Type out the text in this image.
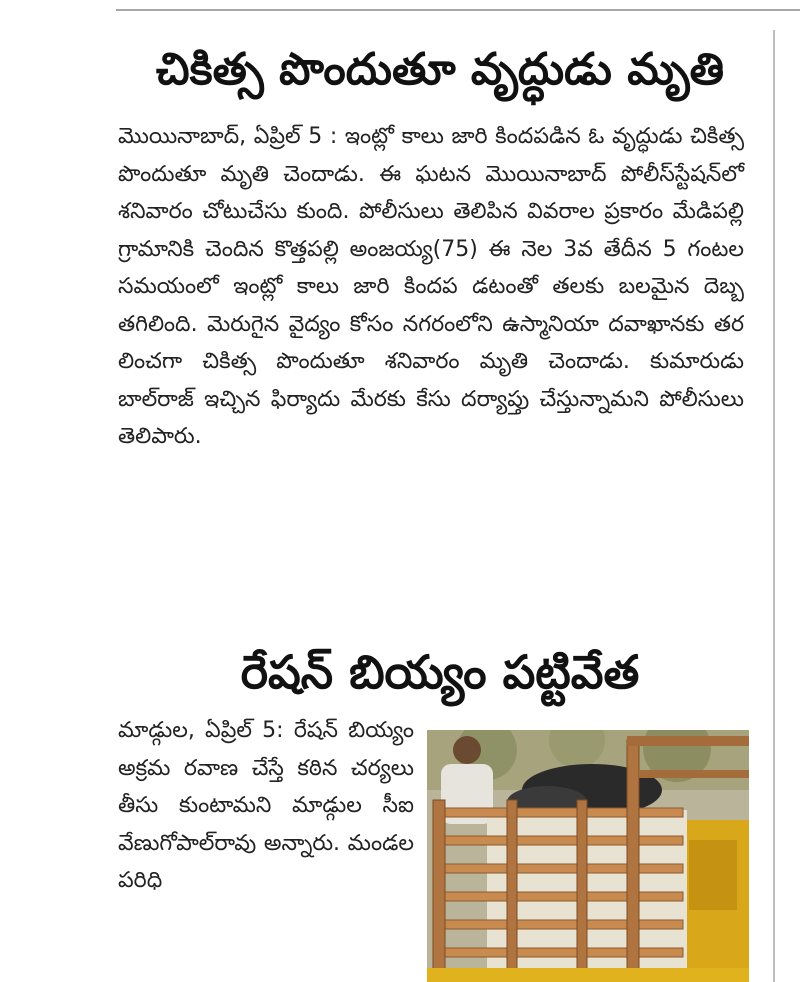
చికిత్స పొందుతూ వృద్ధుడు మృతి

మొయినాబాద్, ఏప్రిల్ 5 : ఇంట్లో కాలు జారి కిందపడిన ఓ వృద్ధుడు చికిత్స పొందుతూ మృతి చెందాడు. ఈ ఘటన మొయినాబాద్ పోలీస్‌స్టేషన్‌లో శనివారం చోటుచేసు కుంది. పోలీసులు తెలిపిన వివరాల ప్రకారం మేడిపల్లి గ్రామానికి చెందిన కొత్తపల్లి అంజయ్య(75) ఈ నెల 3వ తేదీన 5 గంటల సమయంలో ఇంట్లో కాలు జారి కిందప డటంతో తలకు బలమైన దెబ్బ తగిలింది. మెరుగైన వైద్యం కోసం నగరంలోని ఉస్మానియా దవాఖానకు తర లించగా చికిత్స పొందుతూ శనివారం మృతి చెందాడు. కుమారుడు బాల్‌రాజ్ ఇచ్చిన ఫిర్యాదు మేరకు కేసు దర్యాప్తు చేస్తున్నామని పోలీసులు తెలిపారు.

రేషన్ బియ్యం పట్టివేత

మాడ్గుల, ఏప్రిల్ 5: రేషన్ బియ్యం అక్రమ రవాణ చేస్తే కఠిన చర్యలు తీసు కుంటామని మాడ్గుల సీఐ వేణుగోపాల్‌రావు అన్నారు. మండల పరిధి
